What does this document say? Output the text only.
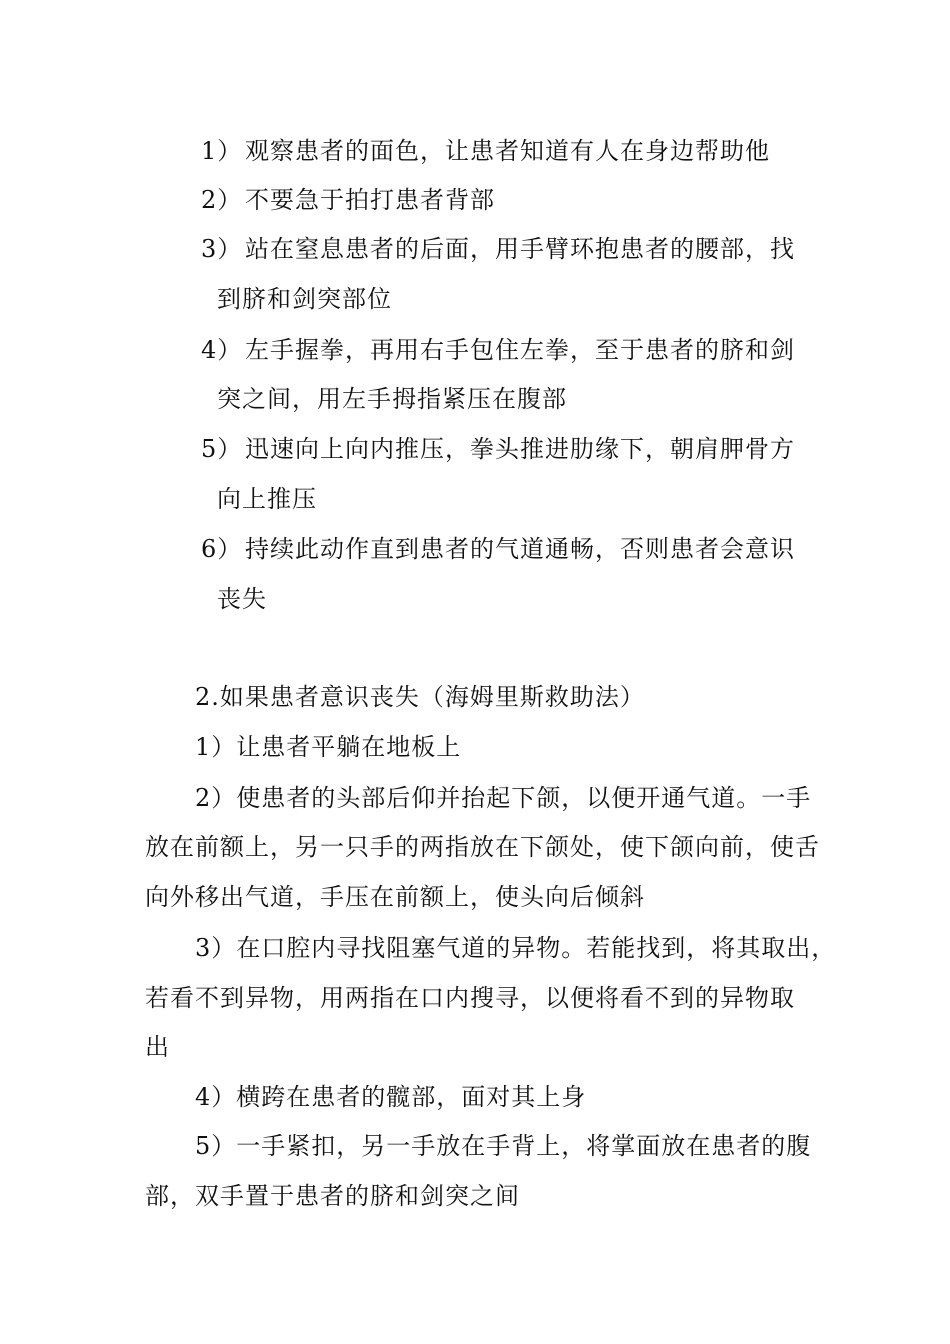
1） 观察患者的面色，让患者知道有人在身边帮助他
2） 不要急于拍打患者背部
3） 站在窒息患者的后面，用手臂环抱患者的腰部，找
到脐和剑突部位
4） 左手握拳，再用右手包住左拳，至于患者的脐和剑
突之间，用左手拇指紧压在腹部
5） 迅速向上向内推压，拳头推进肋缘下，朝肩胛骨方
向上推压
6） 持续此动作直到患者的气道通畅，否则患者会意识
丧失
2.如果患者意识丧失（海姆里斯救助法）
1）让患者平躺在地板上
2）使患者的头部后仰并抬起下颌，以便开通气道。一手
放在前额上，另一只手的两指放在下颌处，使下颌向前，使舌
向外移出气道，手压在前额上，使头向后倾斜
3）在口腔内寻找阻塞气道的异物。若能找到，将其取出，
若看不到异物，用两指在口内搜寻，以便将看不到的异物取
出
4）横跨在患者的髋部，面对其上身
5）一手紧扣，另一手放在手背上，将掌面放在患者的腹
部，双手置于患者的脐和剑突之间
